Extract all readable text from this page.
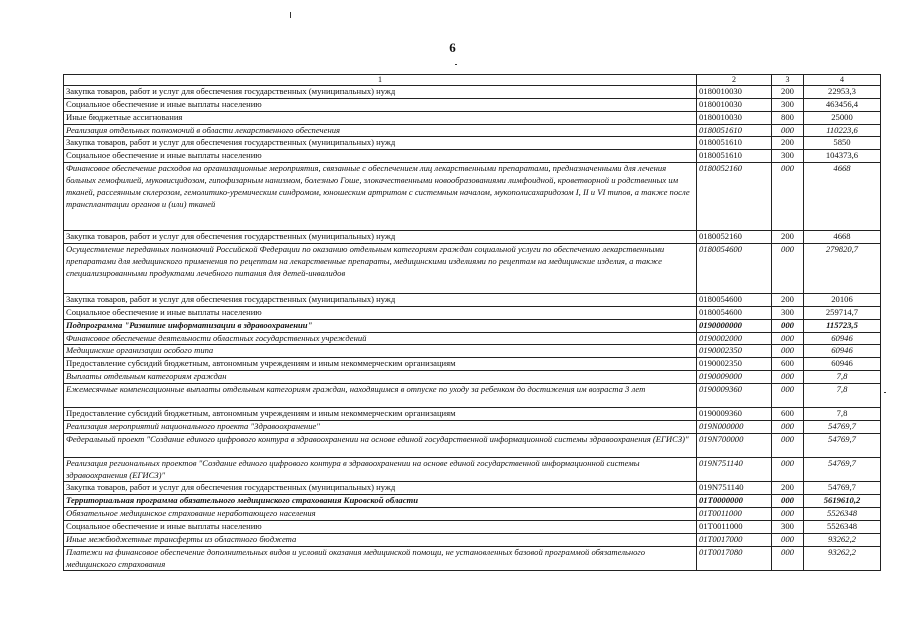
6
1	2	3	4
Закупка товаров, работ и услуг для обеспечения государственных (муниципальных) нужд	0180010030	200	22953,3
Социальное обеспечение и иные выплаты населению	0180010030	300	463456,4
Иные бюджетные ассигнования	0180010030	800	25000
Реализация отдельных полномочий в области лекарственного обеспечения	0180051610	000	110223,6
Закупка товаров, работ и услуг для обеспечения государственных (муниципальных) нужд	0180051610	200	5850
Социальное обеспечение и иные выплаты населению	0180051610	300	104373,6
Финансовое обеспечение расходов на организационные мероприятия, связанные с обеспечением лиц лекарственными препаратами, предназначенными для лечения больных гемофилией, муковисцидозом, гипофизарным нанизмом, болезнью Гоше, злокачественными новообразованиями лимфоидной, кроветворной и родственных им тканей, рассеянным склерозом, гемолитико-уремическим синдромом, юношеским артритом с системным началом, мукополисахаридозом I, II и VI типов, а также после трансплантации органов и (или) тканей	0180052160	000	4668
Закупка товаров, работ и услуг для обеспечения государственных (муниципальных) нужд	0180052160	200	4668
Осуществление переданных полномочий Российской Федерации по оказанию отдельным категориям граждан социальной услуги по обеспечению лекарственными препаратами для медицинского применения по рецептам на лекарственные препараты, медицинскими изделиями по рецептам на медицинские изделия, а также специализированными продуктами лечебного питания для детей-инвалидов	0180054600	000	279820,7
Закупка товаров, работ и услуг для обеспечения государственных (муниципальных) нужд	0180054600	200	20106
Социальное обеспечение и иные выплаты населению	0180054600	300	259714,7
Подпрограмма "Развитие информатизации в здравоохранении"	0190000000	000	115723,5
Финансовое обеспечение деятельности областных государственных учреждений	0190002000	000	60946
Медицинские организации особого типа	0190002350	000	60946
Предоставление субсидий бюджетным, автономным учреждениям и иным некоммерческим организациям	0190002350	600	60946
Выплаты отдельным категориям граждан	0190009000	000	7,8
Ежемесячные компенсационные выплаты отдельным категориям граждан, находящимся в отпуске по уходу за ребенком до достижения им возраста 3 лет	0190009360	000	7,8
Предоставление субсидий бюджетным, автономным учреждениям и иным некоммерческим организациям	0190009360	600	7,8
Реализация мероприятий национального проекта "Здравоохранение"	019N000000	000	54769,7
Федеральный проект "Создание единого цифрового контура в здравоохранении на основе единой государственной информационной системы здравоохранения (ЕГИСЗ)"	019N700000	000	54769,7
Реализация региональных проектов "Создание единого цифрового контура в здравоохранении на основе единой государственной информационной системы здравоохранения (ЕГИСЗ)"	019N751140	000	54769,7
Закупка товаров, работ и услуг для обеспечения государственных (муниципальных) нужд	019N751140	200	54769,7
Территориальная программа обязательного медицинского страхования Кировской области	01Т0000000	000	5619610,2
Обязательное медицинское страхование неработающего населения	01Т0011000	000	5526348
Социальное обеспечение и иные выплаты населению	01Т0011000	300	5526348
Иные межбюджетные трансферты из областного бюджета	01Т0017000	000	93262,2
Платежи на финансовое обеспечение дополнительных видов и условий оказания медицинской помощи, не установленных базовой программой обязательного медицинского страхования	01Т0017080	000	93262,2
